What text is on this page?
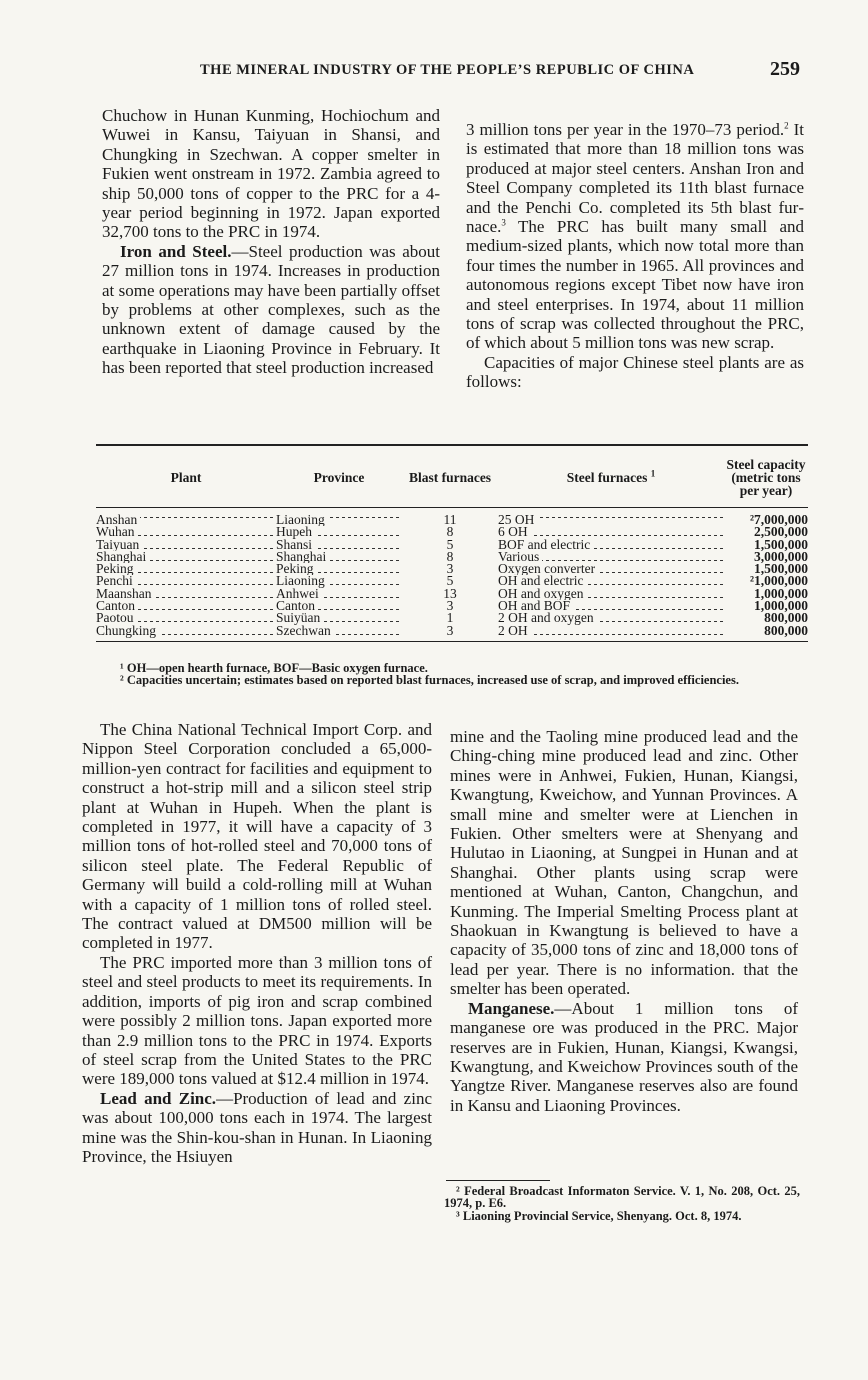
THE MINERAL INDUSTRY OF THE PEOPLE’S REPUBLIC OF CHINA	259

Chuchow in Hunan Kunming, Hochiochum and Wuwei in Kansu, Taiyuan in Shansi, and Chungking in Szechwan. A copper smelter in Fukien went onstream in 1972. Zambia agreed to ship 50,000 tons of copper to the PRC for a 4-year period beginning in 1972. Japan exported 32,700 tons to the PRC in 1974.

Iron and Steel.—Steel production was about 27 million tons in 1974. Increases in production at some operations may have been partially offset by problems at other complexes, such as the unknown extent of damage caused by the earthquake in Liaoning Province in February. It has been reported that steel production increased

3 million tons per year in the 1970–73 period.$^2$ It is estimated that more than 18 million tons was produced at major steel centers. Anshan Iron and Steel Company completed its 11th blast furnace and the Penchi Co. completed its 5th blast furnace.$^3$ The PRC has built many small and medium-sized plants, which now total more than four times the number in 1965. All provinces and autonomous regions except Tibet now have iron and steel enterprises. In 1974, about 11 million tons of scrap was collected throughout the PRC, of which about 5 million tons was new scrap.

Capacities of major Chinese steel plants are as follows:

Plant	Province	Blast furnaces	Steel furnaces $^1$	Steel capacity (metric tons per year)
Anshan	Liaoning	11	25 OH	²7,000,000
Wuhan	Hupeh	8	6 OH	2,500,000
Taiyuan	Shansi	5	BOF and electric	1,500,000
Shanghai	Shanghai	8	Various	3,000,000
Peking	Peking	3	Oxygen converter	1,500,000
Penchi	Liaoning	5	OH and electric	²1,000,000
Maanshan	Anhwei	13	OH and oxygen	1,000,000
Canton	Canton	3	OH and BOF	1,000,000
Paotou	Suiyüan	1	2 OH and oxygen	800,000
Chungking	Szechwan	3	2 OH	800,000

¹ OH—open hearth furnace, BOF—Basic oxygen furnace.

² Capacities uncertain; estimates based on reported blast furnaces, increased use of scrap, and improved efficiencies.

The China National Technical Import Corp. and Nippon Steel Corporation concluded a 65,000-million-yen contract for facilities and equipment to construct a hot-strip mill and a silicon steel strip plant at Wuhan in Hupeh. When the plant is completed in 1977, it will have a capacity of 3 million tons of hot-rolled steel and 70,000 tons of silicon steel plate. The Federal Republic of Germany will build a cold-rolling mill at Wuhan with a capacity of 1 million tons of rolled steel. The contract valued at DM500 million will be completed in 1977.

The PRC imported more than 3 million tons of steel and steel products to meet its requirements. In addition, imports of pig iron and scrap combined were possibly 2 million tons. Japan exported more than 2.9 million tons to the PRC in 1974. Exports of steel scrap from the United States to the PRC were 189,000 tons valued at $12.4 million in 1974.

Lead and Zinc.—Production of lead and zinc was about 100,000 tons each in 1974. The largest mine was the Shin-kou-shan in Hunan. In Liaoning Province, the Hsiuyen

mine and the Taoling mine produced lead and the Ching-ching mine produced lead and zinc. Other mines were in Anhwei, Fukien, Hunan, Kiangsi, Kwangtung, Kweichow, and Yunnan Provinces. A small mine and smelter were at Lienchen in Fukien. Other smelters were at Shenyang and Hulutao in Liaoning, at Sungpei in Hunan and at Shanghai. Other plants using scrap were mentioned at Wuhan, Canton, Changchun, and Kunming. The Imperial Smelting Process plant at Shaokuan in Kwangtung is believed to have a capacity of 35,000 tons of zinc and 18,000 tons of lead per year. There is no information. that the smelter has been operated.

Manganese.—About 1 million tons of manganese ore was produced in the PRC. Major reserves are in Fukien, Hunan, Kiangsi, Kwangsi, Kwangtung, and Kweichow Provinces south of the Yangtze River. Manganese reserves also are found in Kansu and Liaoning Provinces.

² Federal Broadcast Informaton Service. V. 1, No. 208, Oct. 25, 1974, p. E6.

³ Liaoning Provincial Service, Shenyang. Oct. 8, 1974.
